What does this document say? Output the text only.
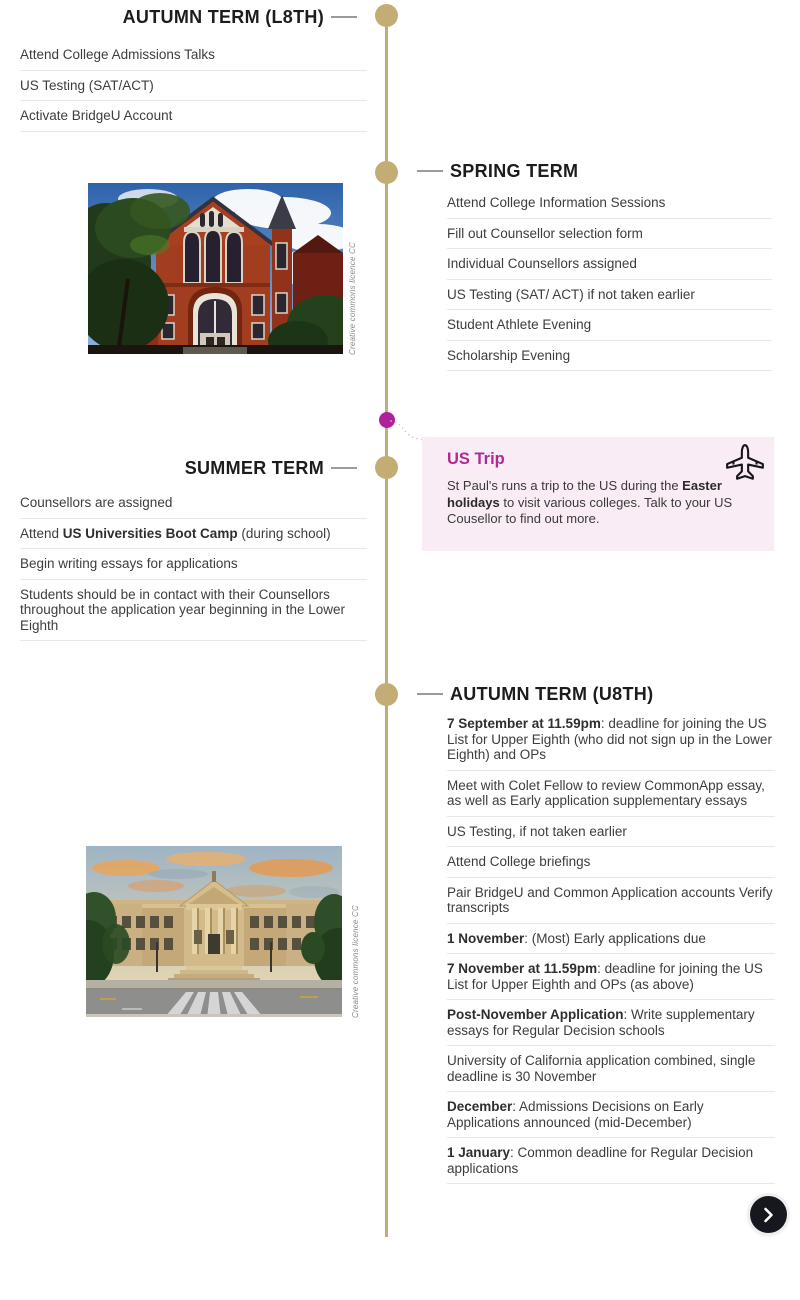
AUTUMN TERM (L8TH)
Attend College Admissions Talks
US Testing (SAT/ACT)
Activate BridgeU Account
Creative commons licence CC
SPRING TERM
Attend College Information Sessions
Fill out Counsellor selection form
Individual Counsellors assigned
US Testing (SAT/ ACT) if not taken earlier
Student Athlete Evening
Scholarship Evening
US Trip
St Paul's runs a trip to the US during the Easter holidays to visit various colleges. Talk to your US Cousellor to find out more.
SUMMER TERM
Counsellors are assigned
Attend US Universities Boot Camp (during school)
Begin writing essays for applications
Students should be in contact with their Counsellors throughout the application year beginning in the Lower Eighth
Creative commons licence CC
AUTUMN TERM (U8TH)
7 September at 11.59pm: deadline for joining the US List for Upper Eighth (who did not sign up in the Lower Eighth) and OPs
Meet with Colet Fellow to review CommonApp essay, as well as Early application supplementary essays
US Testing, if not taken earlier
Attend College briefings
Pair BridgeU and Common Application accounts Verify transcripts
1 November: (Most) Early applications due
7 November at 11.59pm: deadline for joining the US List for Upper Eighth and OPs (as above)
Post-November Application: Write supplementary essays for Regular Decision schools
University of California application combined, single deadline is 30 November
December: Admissions Decisions on Early Applications announced (mid-December)
1 January: Common deadline for Regular Decision applications
